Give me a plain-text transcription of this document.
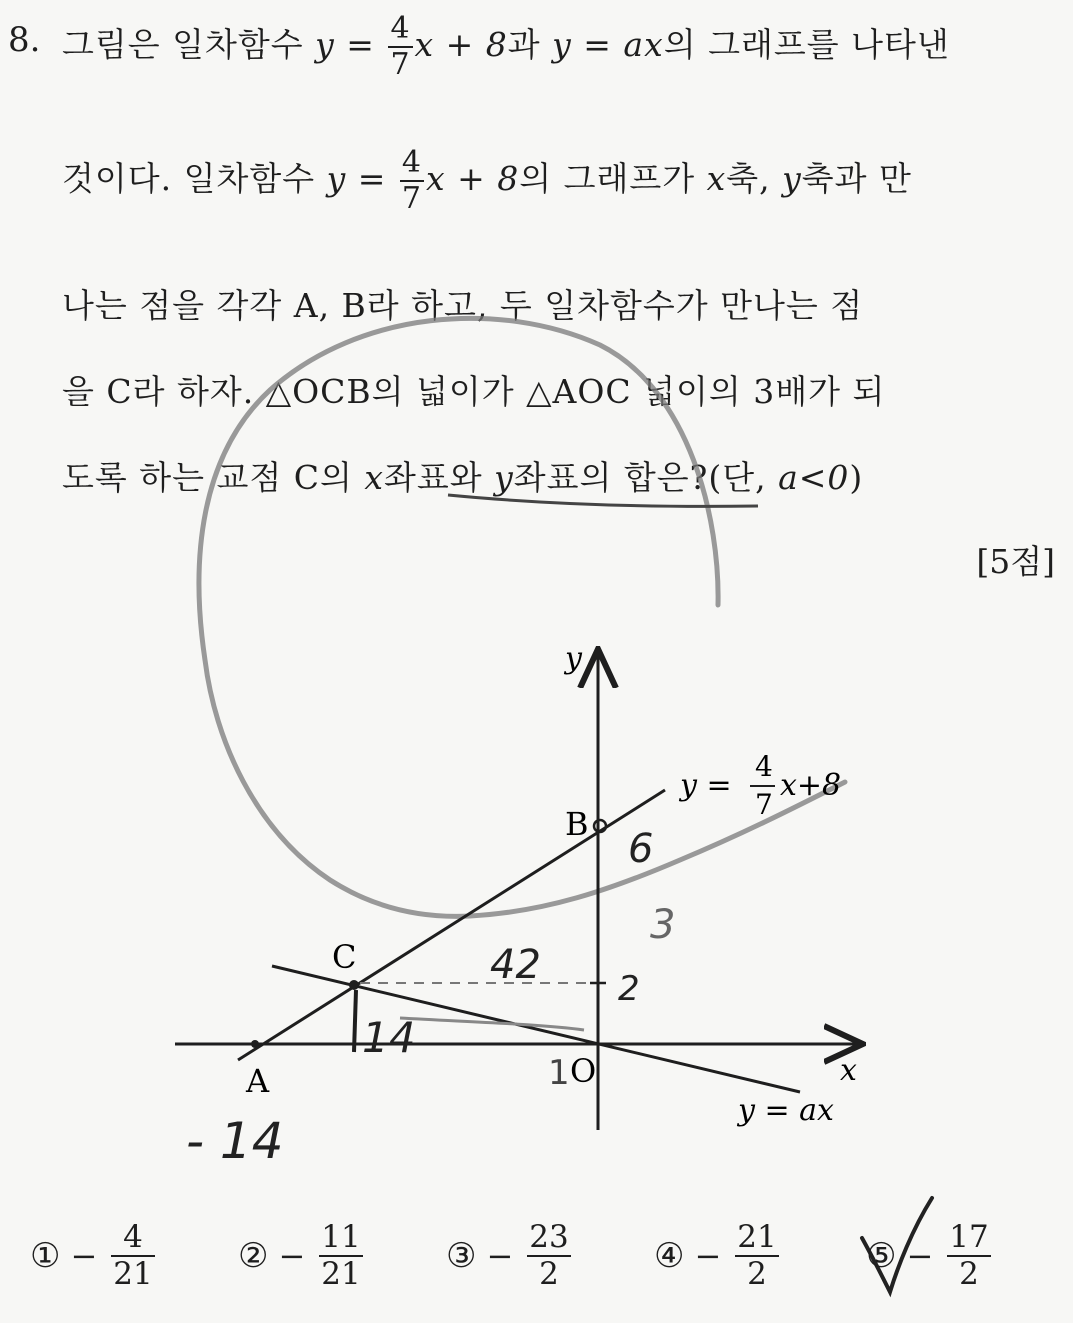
8. 그림은 일차함수 $y = \frac{4}{7}$ x + 8과 y = ax의 그래프를 나타낸
것이다. 일차함수 $y = \frac{4}{7}$ x + 8의 그래프가 x축, y축과 만
나는 점을 각각 A, B라 하고, 두 일차함수가 만나는 점
을 C라 하자. △OCB의 넓이가 △AOC 넓이의 3배가 되
도록 하는 교점 C의 x좌표와 y좌표의 합은?(단, a<0)
[5점]
y
x
B
C
A	O
y =
4
7
x+8
y = ax
6
3
42
2
14
1
- 14
① − $\frac{4}{21}$ ② − $\frac{11}{21}$ ③ − $\frac{23}{2}$ ④ − $\frac{21}{2}$	⑤ − $\frac{17}{2}$
